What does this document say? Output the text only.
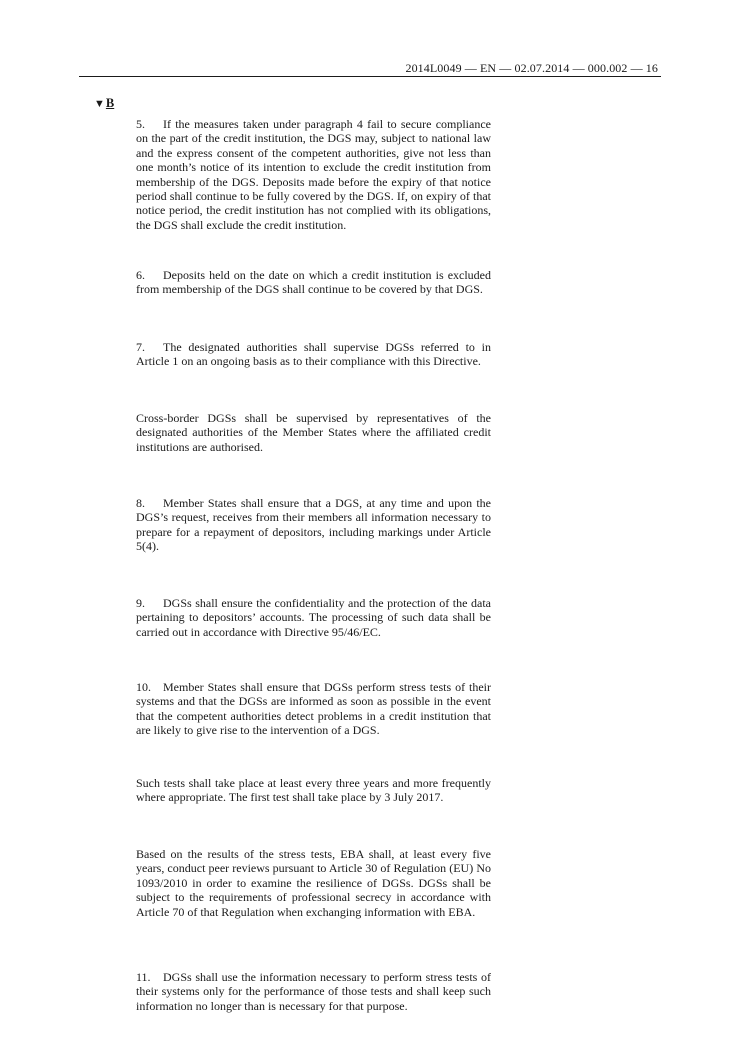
2014L0049 — EN — 02.07.2014 — 000.002 — 16
▼B

5. If the measures taken under paragraph 4 fail to secure compliance on the part of the credit institution, the DGS may, subject to national law and the express consent of the competent authorities, give not less than one month’s notice of its intention to exclude the credit institution from membership of the DGS. Deposits made before the expiry of that notice period shall continue to be fully covered by the DGS. If, on expiry of that notice period, the credit institution has not complied with its obligations, the DGS shall exclude the credit institution.

6. Deposits held on the date on which a credit institution is excluded from membership of the DGS shall continue to be covered by that DGS.

7. The designated authorities shall supervise DGSs referred to in Article 1 on an ongoing basis as to their compliance with this Directive.

Cross-border DGSs shall be supervised by representatives of the designated authorities of the Member States where the affiliated credit institutions are authorised.

8. Member States shall ensure that a DGS, at any time and upon the DGS’s request, receives from their members all information necessary to prepare for a repayment of depositors, including markings under Article 5(4).

9. DGSs shall ensure the confidentiality and the protection of the data pertaining to depositors’ accounts. The processing of such data shall be carried out in accordance with Directive 95/46/EC.

10. Member States shall ensure that DGSs perform stress tests of their systems and that the DGSs are informed as soon as possible in the event that the competent authorities detect problems in a credit institution that are likely to give rise to the intervention of a DGS.

Such tests shall take place at least every three years and more frequently where appropriate. The first test shall take place by 3 July 2017.

Based on the results of the stress tests, EBA shall, at least every five years, conduct peer reviews pursuant to Article 30 of Regulation (EU) No 1093/2010 in order to examine the resilience of DGSs. DGSs shall be subject to the requirements of professional secrecy in accordance with Article 70 of that Regulation when exchanging information with EBA.

11. DGSs shall use the information necessary to perform stress tests of their systems only for the performance of those tests and shall keep such information no longer than is necessary for that purpose.
